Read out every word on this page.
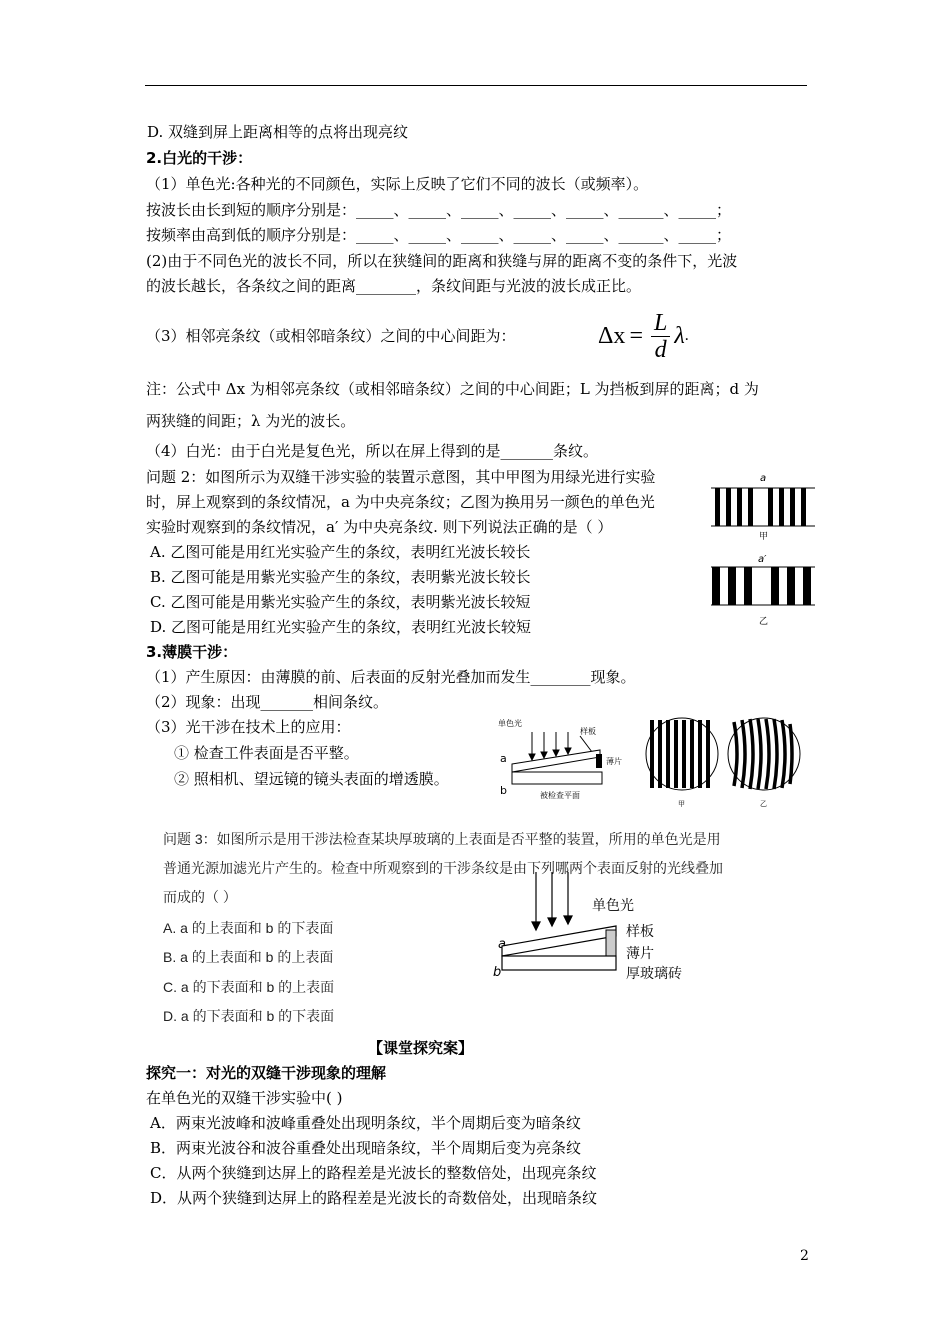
D. 双缝到屏上距离相等的点将出现亮纹
2.白光的干涉：
（1）单色光:各种光的不同颜色，实际上反映了它们不同的波长（或频率）。
按波长由长到短的顺序分别是：_____、_____、_____、_____、_____、______、_____；
按频率由高到低的顺序分别是：_____、_____、_____、_____、_____、______、_____；
(2)由于不同色光的波长不同，所以在狭缝间的距离和狭缝与屏的距离不变的条件下，光波
的波长越长，各条纹之间的距离________，条纹间距与光波的波长成正比。
（3）相邻亮条纹（或相邻暗条纹）之间的中心间距为：	$\Delta x = \frac{L}{d}$ λ .
注：公式中 Δx 为相邻亮条纹（或相邻暗条纹）之间的中心间距；L 为挡板到屏的距离；d 为
两狭缝的间距；λ 为光的波长。
（4）白光：由于白光是复色光，所以在屏上得到的是_______条纹。
问题 2：如图所示为双缝干涉实验的装置示意图，其中甲图为用绿光进行实验
时，屏上观察到的条纹情况，a 为中央亮条纹；乙图为换用另一颜色的单色光
实验时观察到的条纹情况，a′ 为中央亮条纹. 则下列说法正确的是（ ）
A. 乙图可能是用红光实验产生的条纹，表明红光波长较长
B. 乙图可能是用紫光实验产生的条纹，表明紫光波长较长
C. 乙图可能是用紫光实验产生的条纹，表明紫光波长较短
D. 乙图可能是用红光实验产生的条纹，表明红光波长较短
a
甲
a′
乙
3.薄膜干涉：
（1）产生原因：由薄膜的前、后表面的反射光叠加而发生________现象。
（2）现象：出现_______相间条纹。
（3）光干涉在技术上的应用：
① 检查工件表面是否平整。
② 照相机、望远镜的镜头表面的增透膜。
单色光
样板
a	薄片
b	被检查平面
甲	乙
问题 3：如图所示是用干涉法检查某块厚玻璃的上表面是否平整的装置，所用的单色光是用
普通光源加滤光片产生的。检查中所观察到的干涉条纹是由下列哪两个表面反射的光线叠加
而成的（ ）
A. a 的上表面和 b 的下表面
B. a 的上表面和 b 的上表面
C. a 的下表面和 b 的上表面
D. a 的下表面和 b 的下表面
单色光
a
样板
薄片
b	厚玻璃砖
【课堂探究案】
探究一：对光的双缝干涉现象的理解
在单色光的双缝干涉实验中( )
A．两束光波峰和波峰重叠处出现明条纹，半个周期后变为暗条纹
B．两束光波谷和波谷重叠处出现暗条纹，半个周期后变为亮条纹
C．从两个狭缝到达屏上的路程差是光波长的整数倍处，出现亮条纹
D．从两个狭缝到达屏上的路程差是光波长的奇数倍处，出现暗条纹
2
